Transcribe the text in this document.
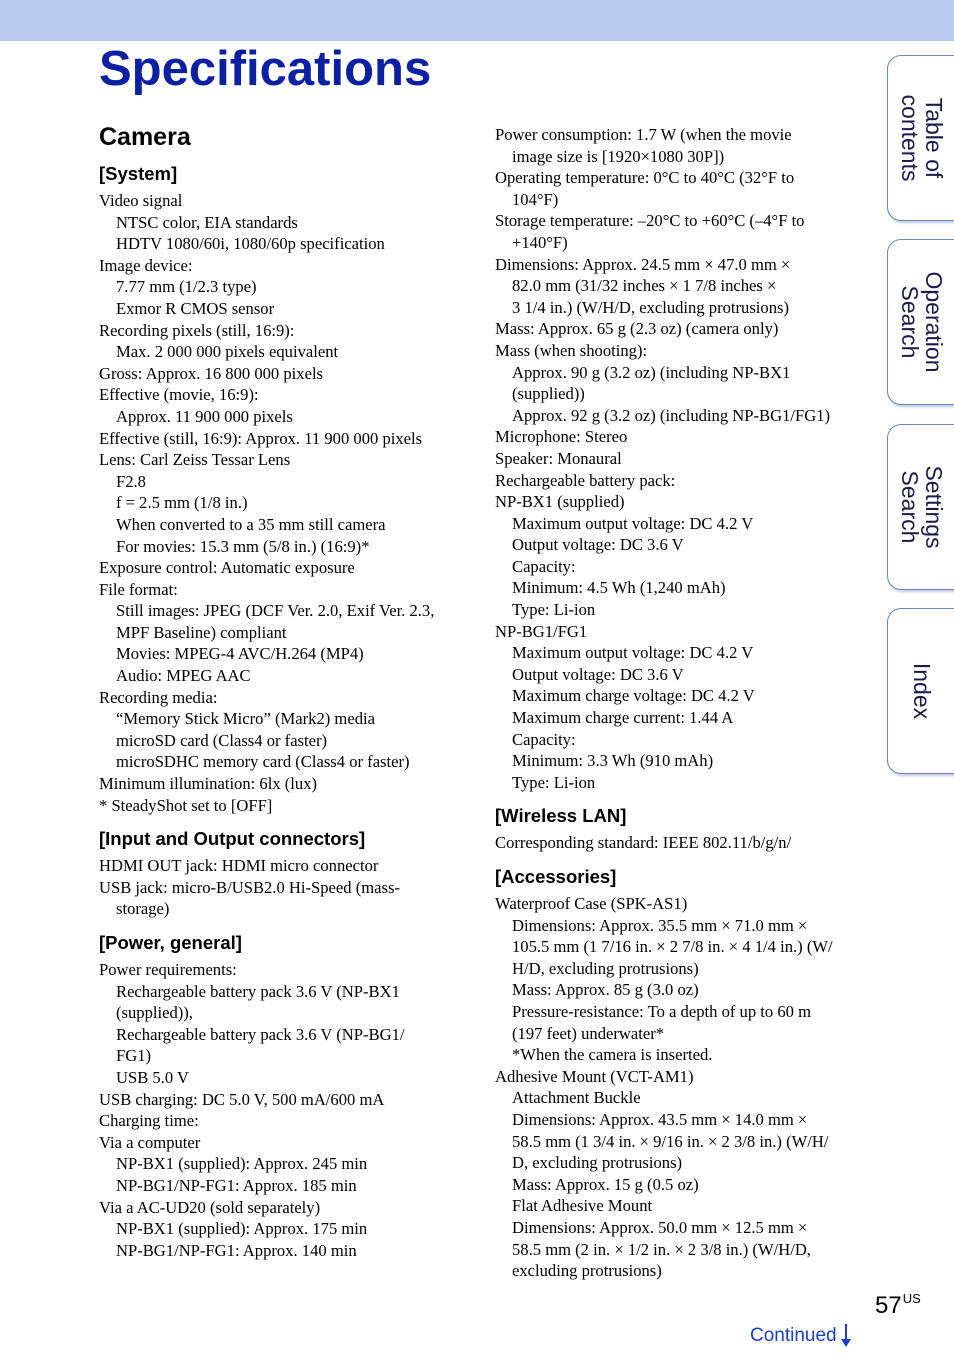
Specifications
Camera
[System]
Video signal
NTSC color, EIA standards
HDTV 1080/60i, 1080/60p specification
Image device:
7.77 mm (1/2.3 type)
Exmor R CMOS sensor
Recording pixels (still, 16:9):
Max. 2 000 000 pixels equivalent
Gross: Approx. 16 800 000 pixels
Effective (movie, 16:9):
Approx. 11 900 000 pixels
Effective (still, 16:9): Approx. 11 900 000 pixels
Lens: Carl Zeiss Tessar Lens
F2.8
f = 2.5 mm (1/8 in.)
When converted to a 35 mm still camera
For movies: 15.3 mm (5/8 in.) (16:9)*
Exposure control: Automatic exposure
File format:
Still images: JPEG (DCF Ver. 2.0, Exif Ver. 2.3,
MPF Baseline) compliant
Movies: MPEG-4 AVC/H.264 (MP4)
Audio: MPEG AAC
Recording media:
“Memory Stick Micro” (Mark2) media
microSD card (Class4 or faster)
microSDHC memory card (Class4 or faster)
Minimum illumination: 6lx (lux)
* SteadyShot set to [OFF]
[Input and Output connectors]
HDMI OUT jack: HDMI micro connector
USB jack: micro-B/USB2.0 Hi-Speed (mass-
storage)
[Power, general]
Power requirements:
Rechargeable battery pack 3.6 V (NP-BX1
(supplied)),
Rechargeable battery pack 3.6 V (NP-BG1/
FG1)
USB 5.0 V
USB charging: DC 5.0 V, 500 mA/600 mA
Charging time:
Via a computer
NP-BX1 (supplied): Approx. 245 min
NP-BG1/NP-FG1: Approx. 185 min
Via a AC-UD20 (sold separately)
NP-BX1 (supplied): Approx. 175 min
NP-BG1/NP-FG1: Approx. 140 min
Power consumption: 1.7 W (when the movie
image size is [1920×1080 30P])
Operating temperature: 0°C to 40°C (32°F to
104°F)
Storage temperature: –20°C to +60°C (–4°F to
+140°F)
Dimensions: Approx. 24.5 mm × 47.0 mm ×
82.0 mm (31/32 inches × 1 7/8 inches ×
3 1/4 in.) (W/H/D, excluding protrusions)
Mass: Approx. 65 g (2.3 oz) (camera only)
Mass (when shooting):
Approx. 90 g (3.2 oz) (including NP-BX1
(supplied))
Approx. 92 g (3.2 oz) (including NP-BG1/FG1)
Microphone: Stereo
Speaker: Monaural
Rechargeable battery pack:
NP-BX1 (supplied)
Maximum output voltage: DC 4.2 V
Output voltage: DC 3.6 V
Capacity:
Minimum: 4.5 Wh (1,240 mAh)
Type: Li-ion
NP-BG1/FG1
Maximum output voltage: DC 4.2 V
Output voltage: DC 3.6 V
Maximum charge voltage: DC 4.2 V
Maximum charge current: 1.44 A
Capacity:
Minimum: 3.3 Wh (910 mAh)
Type: Li-ion
[Wireless LAN]
Corresponding standard: IEEE 802.11/b/g/n/
[Accessories]
Waterproof Case (SPK-AS1)
Dimensions: Approx. 35.5 mm × 71.0 mm ×
105.5 mm (1 7/16 in. × 2 7/8 in. × 4 1/4 in.) (W/
H/D, excluding protrusions)
Mass: Approx. 85 g (3.0 oz)
Pressure-resistance: To a depth of up to 60 m
(197 feet) underwater*
*When the camera is inserted.
Adhesive Mount (VCT-AM1)
Attachment Buckle
Dimensions: Approx. 43.5 mm × 14.0 mm ×
58.5 mm (1 3/4 in. × 9/16 in. × 2 3/8 in.) (W/H/
D, excluding protrusions)
Mass: Approx. 15 g (0.5 oz)
Flat Adhesive Mount
Dimensions: Approx. 50.0 mm × 12.5 mm ×
58.5 mm (2 in. × 1/2 in. × 2 3/8 in.) (W/H/D,
excluding protrusions)
Table of
contents
Operation
Search
Settings
Search
Index
$57^{US}$
Continued
